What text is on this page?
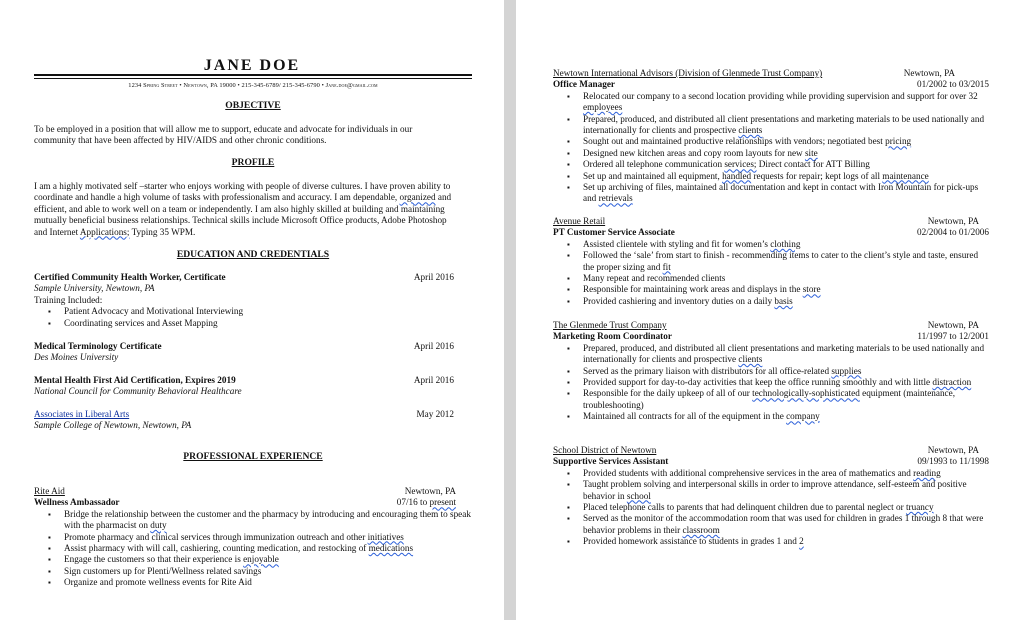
JANE DOE
1234 Spring Street • Newtown, PA 19000 • 215-345-6789/ 215-345-6790 • Jane.doe@gmail.com
OBJECTIVE
To be employed in a position that will allow me to support, educate and advocate for individuals in our community that have been affected by HIV/AIDS and other chronic conditions.
PROFILE
I am a highly motivated self –starter who enjoys working with people of diverse cultures. I have proven ability to coordinate and handle a high volume of tasks with professionalism and accuracy. I am dependable, organized and efficient, and able to work well on a team or independently. I am also highly skilled at building and maintaining mutually beneficial business relationships. Technical skills include Microsoft Office products, Adobe Photoshop and Internet Applications; Typing 35 WPM.
EDUCATION AND CREDENTIALS
Certified Community Health Worker, Certificate	April 2016
Sample University, Newtown, PA
Training Included:
▪ Patient Advocacy and Motivational Interviewing
▪ Coordinating services and Asset Mapping
Medical Terminology Certificate	April 2016
Des Moines University
Mental Health First Aid Certification, Expires 2019	April 2016
National Council for Community Behavioral Healthcare
Associates in Liberal Arts	May 2012
Sample College of Newtown, Newtown, PA
PROFESSIONAL EXPERIENCE
Rite Aid	Newtown, PA
Wellness Ambassador	07/16 to present
▪ Bridge the relationship between the customer and the pharmacy by introducing and encouraging them to speak with the pharmacist on duty
▪ Promote pharmacy and clinical services through immunization outreach and other initiatives
▪ Assist pharmacy with will call, cashiering, counting medication, and restocking of medications
▪ Engage the customers so that their experience is enjoyable
▪ Sign customers up for Plenti/Wellness related savings
▪ Organize and promote wellness events for Rite Aid
Newtown International Advisors (Division of Glenmede Trust Company)	Newtown, PA
Office Manager	01/2002 to 03/2015
▪ Relocated our company to a second location providing while providing supervision and support for over 32 employees
▪ Prepared, produced, and distributed all client presentations and marketing materials to be used nationally and internationally for clients and prospective clients
▪ Sought out and maintained productive relationships with vendors; negotiated best pricing
▪ Designed new kitchen areas and copy room layouts for new site
▪ Ordered all telephone communication services; Direct contact for ATT Billing
▪ Set up and maintained all equipment, handled requests for repair; kept logs of all maintenance
▪ Set up archiving of files, maintained all documentation and kept in contact with Iron Mountain for pick-ups and retrievals
Avenue Retail	Newtown, PA
PT Customer Service Associate	02/2004 to 01/2006
▪ Assisted clientele with styling and fit for women’s clothing
▪ Followed the ‘sale’ from start to finish - recommending items to cater to the client’s style and taste, ensured the proper sizing and fit
▪ Many repeat and recommended clients
▪ Responsible for maintaining work areas and displays in the store
▪ Provided cashiering and inventory duties on a daily basis
The Glenmede Trust Company	Newtown, PA
Marketing Room Coordinator	11/1997 to 12/2001
▪ Prepared, produced, and distributed all client presentations and marketing materials to be used nationally and internationally for clients and prospective clients
▪ Served as the primary liaison with distributors for all office-related supplies
▪ Provided support for day-to-day activities that keep the office running smoothly and with little distraction
▪ Responsible for the daily upkeep of all of our technologically-sophisticated equipment (maintenance, troubleshooting)
▪ Maintained all contracts for all of the equipment in the company
School District of Newtown	Newtown, PA
Supportive Services Assistant	09/1993 to 11/1998
▪ Provided students with additional comprehensive services in the area of mathematics and reading
▪ Taught problem solving and interpersonal skills in order to improve attendance, self-esteem and positive behavior in school
▪ Placed telephone calls to parents that had delinquent children due to parental neglect or truancy
▪ Served as the monitor of the accommodation room that was used for children in grades 1 through 8 that were behavior problems in their classroom
▪ Provided homework assistance to students in grades 1 and 2
